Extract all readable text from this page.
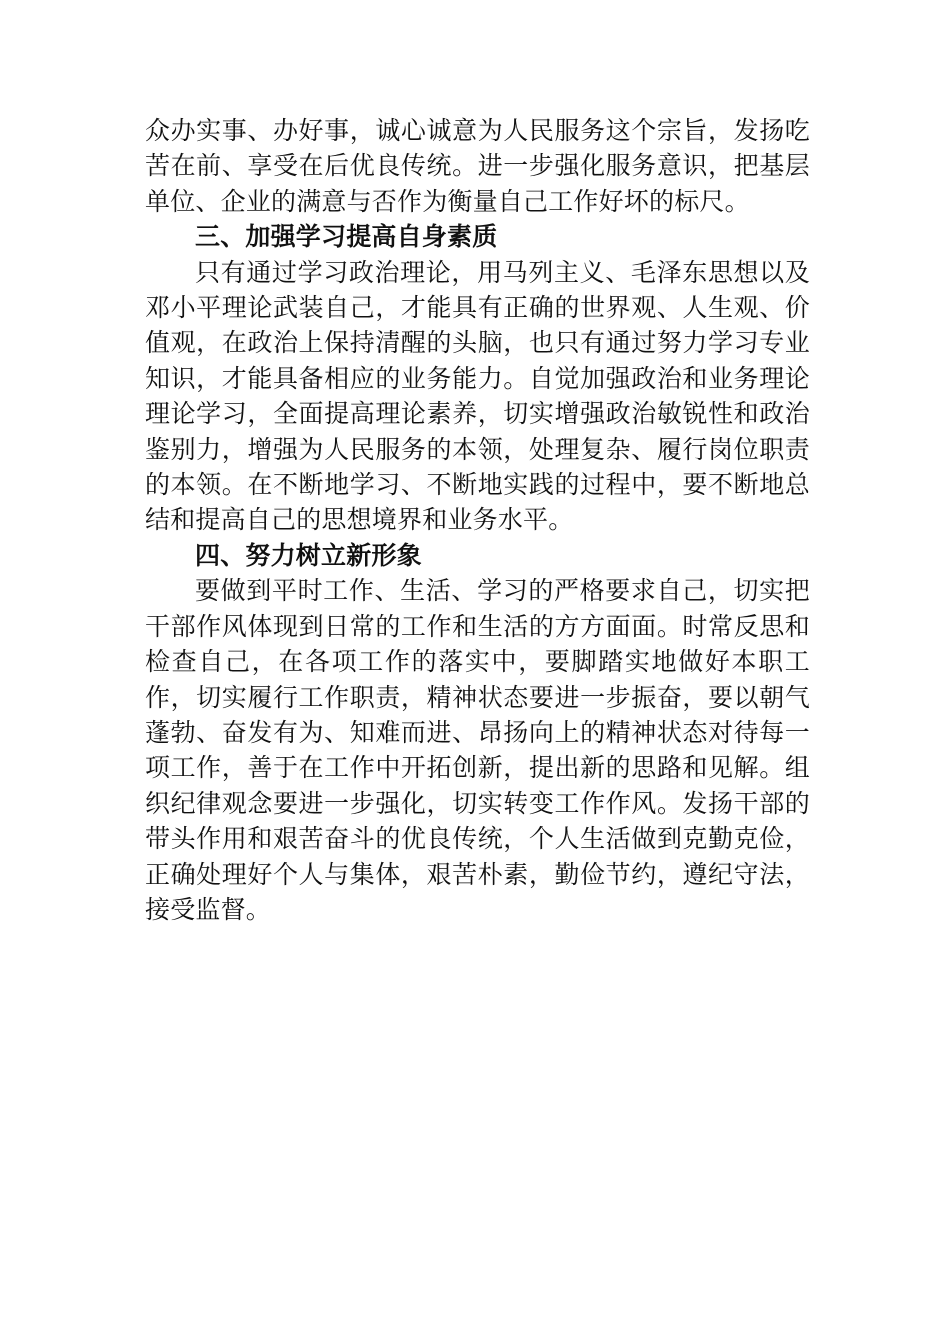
众办实事、办好事，诚心诚意为人民服务这个宗旨，发扬吃苦在前、享受在后优良传统。进一步强化服务意识，把基层单位、企业的满意与否作为衡量自己工作好坏的标尺。

三、加强学习提高自身素质

只有通过学习政治理论，用马列主义、毛泽东思想以及邓小平理论武装自己，才能具有正确的世界观、人生观、价值观，在政治上保持清醒的头脑，也只有通过努力学习专业知识，才能具备相应的业务能力。自觉加强政治和业务理论理论学习，全面提高理论素养，切实增强政治敏锐性和政治鉴别力，增强为人民服务的本领，处理复杂、履行岗位职责的本领。在不断地学习、不断地实践的过程中，要不断地总结和提高自己的思想境界和业务水平。

四、努力树立新形象

要做到平时工作、生活、学习的严格要求自己，切实把干部作风体现到日常的工作和生活的方方面面。时常反思和检查自己，在各项工作的落实中，要脚踏实地做好本职工作，切实履行工作职责，精神状态要进一步振奋，要以朝气蓬勃、奋发有为、知难而进、昂扬向上的精神状态对待每一项工作，善于在工作中开拓创新，提出新的思路和见解。组织纪律观念要进一步强化，切实转变工作作风。发扬干部的带头作用和艰苦奋斗的优良传统，个人生活做到克勤克俭，正确处理好个人与集体，艰苦朴素，勤俭节约，遵纪守法，接受监督。
